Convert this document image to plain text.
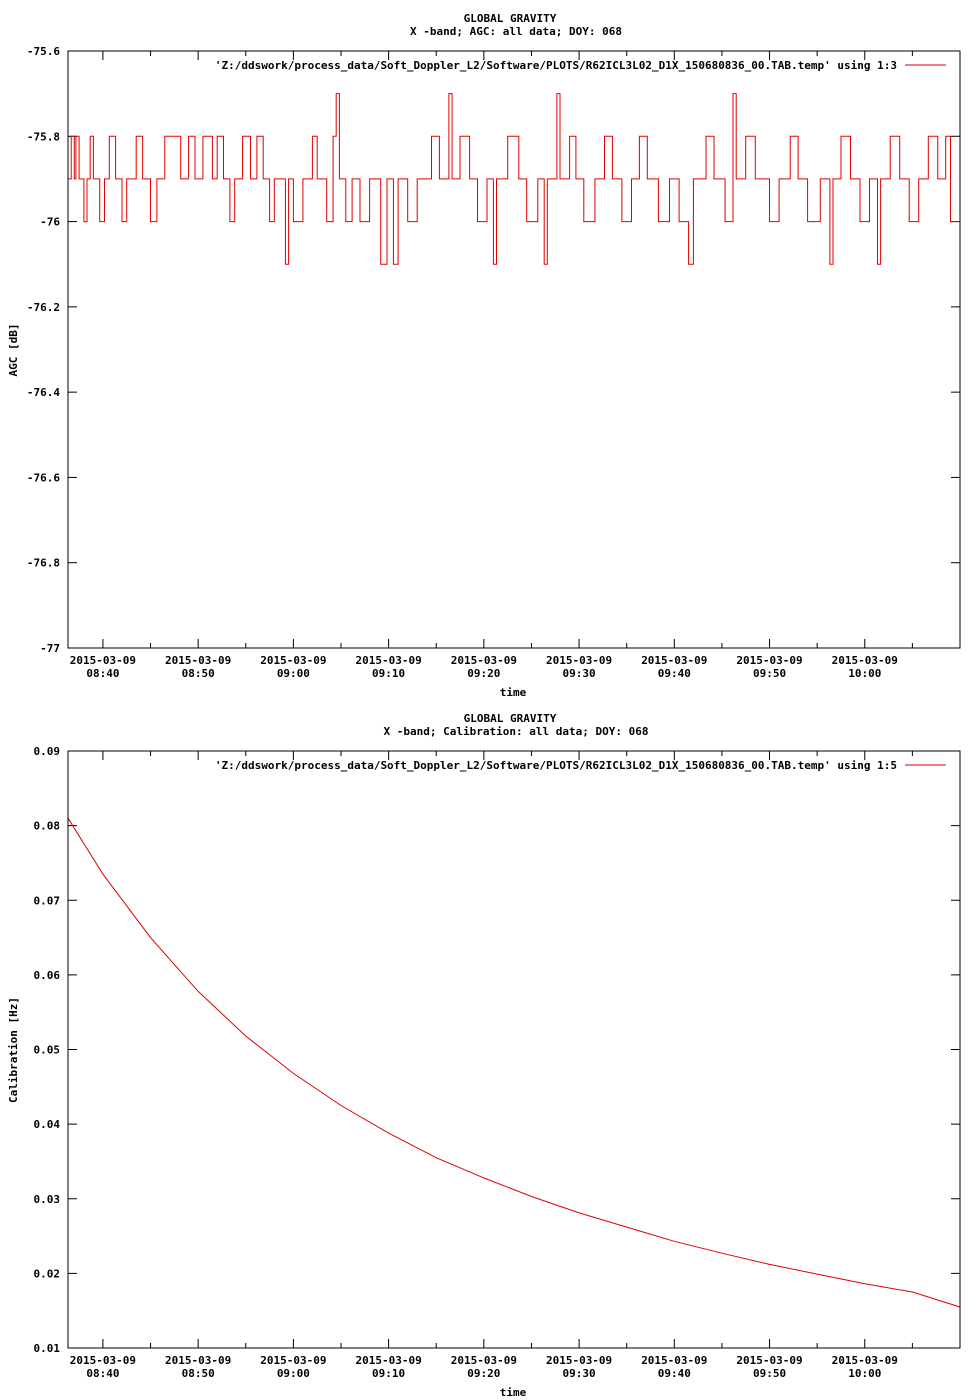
GLOBAL GRAVITY
X -band; AGC: all data; DOY: 068
AGC [dB]
time
'Z:/ddswork/process_data/Soft_Doppler_L2/Software/PLOTS/R62ICL3L02_D1X_150680836_00.TAB.temp' using 1:3
-75.6
-75.8
-76
-76.2
-76.4
-76.6
-76.8
-77
2015-03-09
08:40
2015-03-09
08:50
2015-03-09
09:00
2015-03-09
09:10
2015-03-09
09:20
2015-03-09
09:30
2015-03-09
09:40
2015-03-09
09:50
2015-03-09
10:00
GLOBAL GRAVITY
X -band; Calibration: all data; DOY: 068
Calibration [Hz]
time
'Z:/ddswork/process_data/Soft_Doppler_L2/Software/PLOTS/R62ICL3L02_D1X_150680836_00.TAB.temp' using 1:5
0.09
0.08
0.07
0.06
0.05
0.04
0.03
0.02
0.01
2015-03-09
08:40
2015-03-09
08:50
2015-03-09
09:00
2015-03-09
09:10
2015-03-09
09:20
2015-03-09
09:30
2015-03-09
09:40
2015-03-09
09:50
2015-03-09
10:00
